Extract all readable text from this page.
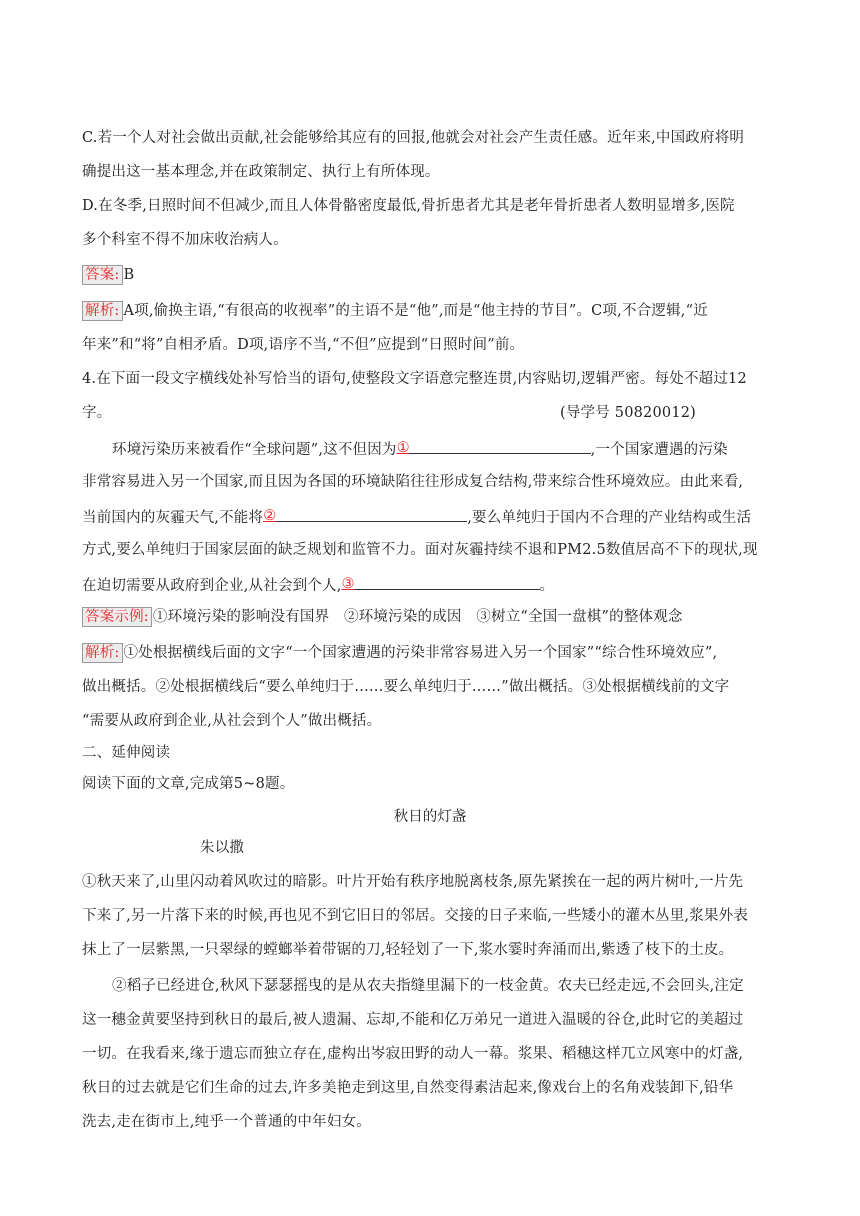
C.若一个人对社会做出贡献,社会能够给其应有的回报,他就会对社会产生责任感。近年来,中国政府将明
确提出这一基本理念,并在政策制定、执行上有所体现。
D.在冬季,日照时间不但减少,而且人体骨骼密度最低,骨折患者尤其是老年骨折患者人数明显增多,医院
多个科室不得不加床收治病人。
答案: B
解析: A项,偷换主语,“有很高的收视率”的主语不是“他”,而是“他主持的节目”。C项,不合逻辑,“近
年来”和“将”自相矛盾。D项,语序不当,“不但”应提到“日照时间”前。
4.在下面一段文字横线处补写恰当的语句,使整段文字语意完整连贯,内容贴切,逻辑严密。每处不超过12
字。	(导学号 50820012)
环境污染历来被看作“全球问题”,这不但因为 ①	,一个国家遭遇的污染
非常容易进入另一个国家,而且因为各国的环境缺陷往往形成复合结构,带来综合性环境效应。由此来看,
当前国内的灰霾天气,不能将 ②	,要么单纯归于国内不合理的产业结构或生活
方式,要么单纯归于国家层面的缺乏规划和监管不力。面对灰霾持续不退和PM2.5数值居高不下的现状,现
在迫切需要从政府到企业,从社会到个人, ③	。
答案示例: ①环境污染的影响没有国界　②环境污染的成因　③树立“全国一盘棋”的整体观念
解析: ①处根据横线后面的文字“一个国家遭遇的污染非常容易进入另一个国家”“综合性环境效应”,
做出概括。②处根据横线后“要么单纯归于……要么单纯归于……”做出概括。③处根据横线前的文字
“需要从政府到企业,从社会到个人”做出概括。
二、延伸阅读
阅读下面的文章,完成第5~8题。
秋日的灯盏
朱以撒
①秋天来了,山里闪动着风吹过的暗影。叶片开始有秩序地脱离枝条,原先紧挨在一起的两片树叶,一片先
下来了,另一片落下来的时候,再也见不到它旧日的邻居。交接的日子来临,一些矮小的灌木丛里,浆果外表
抹上了一层紫黑,一只翠绿的螳螂举着带锯的刀,轻轻划了一下,浆水霎时奔涌而出,紫透了枝下的土皮。
②稻子已经进仓,秋风下瑟瑟摇曳的是从农夫指缝里漏下的一枝金黄。农夫已经走远,不会回头,注定
这一穗金黄要坚持到秋日的最后,被人遗漏、忘却,不能和亿万弟兄一道进入温暖的谷仓,此时它的美超过
一切。在我看来,缘于遗忘而独立存在,虚构出岑寂田野的动人一幕。浆果、稻穗这样兀立风寒中的灯盏,
秋日的过去就是它们生命的过去,许多美艳走到这里,自然变得素洁起来,像戏台上的名角戏装卸下,铅华
洗去,走在街市上,纯乎一个普通的中年妇女。
